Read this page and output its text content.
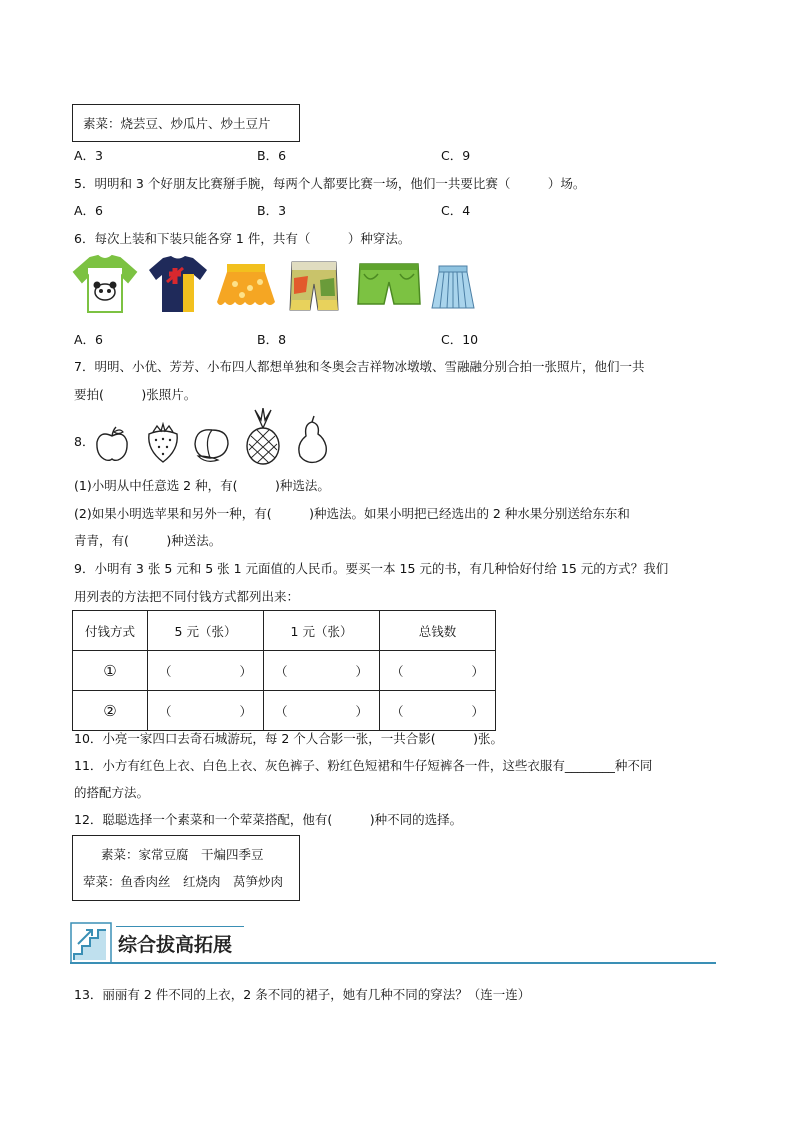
素菜：烧芸豆、炒瓜片、炒土豆片
A．3	B．6	C．9
5．明明和 3 个好朋友比赛掰手腕，每两个人都要比赛一场，他们一共要比赛（　　　）场。
A．6	B．3	C．4
6．每次上装和下装只能各穿 1 件，共有（　　　）种穿法。
A．6	B．8	C．10
7．明明、小优、芳芳、小布四人都想单独和冬奥会吉祥物冰墩墩、雪融融分别合拍一张照片，他们一共
要拍(　　　)张照片。
8．
(1)小明从中任意选 2 种，有(　　　)种选法。
(2)如果小明选苹果和另外一种，有(　　　)种选法。如果小明把已经选出的 2 种水果分别送给东东和
青青，有(　　　)种送法。
9．小明有 3 张 5 元和 5 张 1 元面值的人民币。要买一本 15 元的书，有几种恰好付给 15 元的方式？我们
用列表的方法把不同付钱方式都列出来：
付钱方式	5 元（张）	1 元（张）	总钱数
①	（ ）	（ ）	（ ）

②	（ ）	（ ）	（ ）
10．小亮一家四口去奇石城游玩，每 2 个人合影一张，一共合影(　　　)张。
11．小方有红色上衣、白色上衣、灰色裤子、粉红色短裙和牛仔短裤各一件，这些衣服有________种不同
的搭配方法。
12．聪聪选择一个素菜和一个荤菜搭配，他有(　　　)种不同的选择。
素菜：家常豆腐　干煸四季豆
荤菜：鱼香肉丝　红烧肉　莴笋炒肉
综合拔高拓展
13．丽丽有 2 件不同的上衣，2 条不同的裙子，她有几种不同的穿法？（连一连）
